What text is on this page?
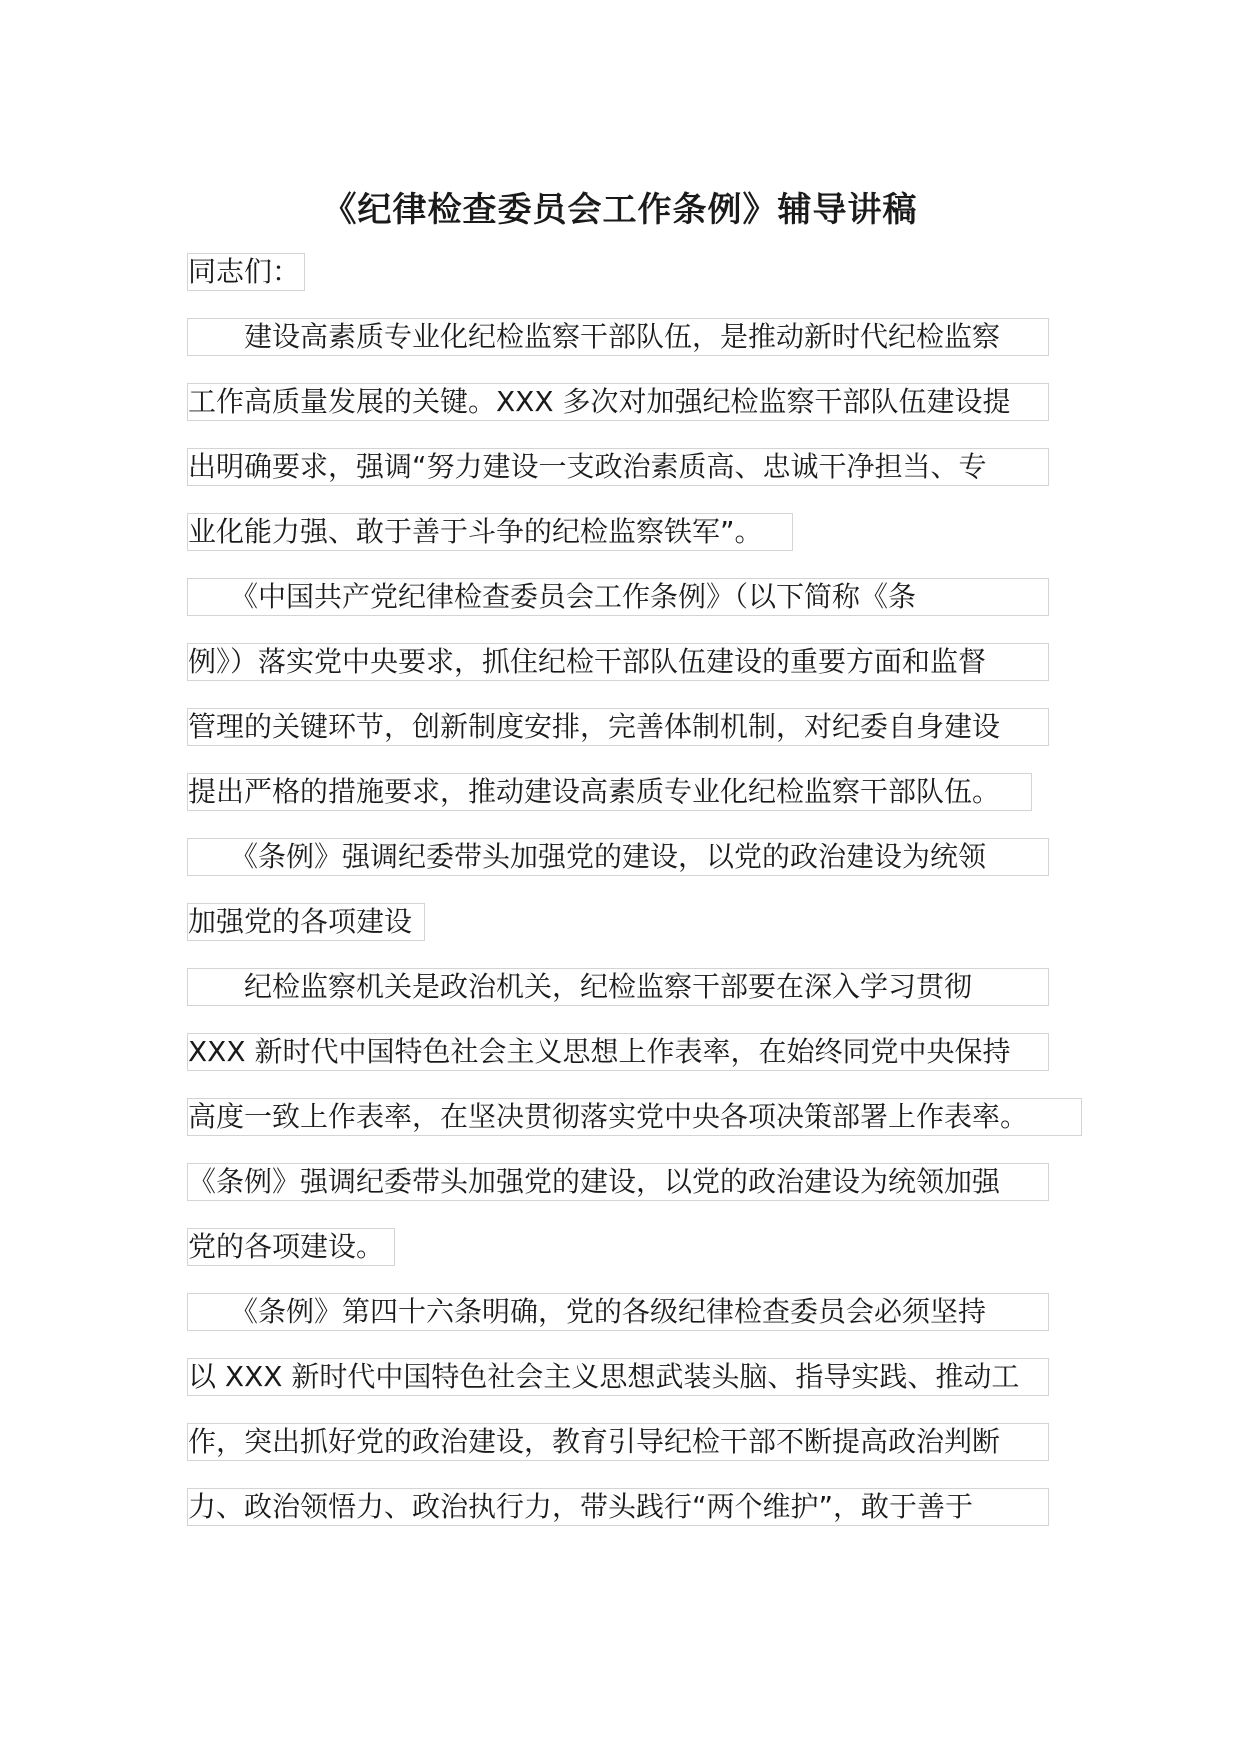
《纪律检查委员会工作条例》辅导讲稿
同志们：
　　建设高素质专业化纪检监察干部队伍，是推动新时代纪检监察
工作高质量发展的关键。XXX 多次对加强纪检监察干部队伍建设提
出明确要求，强调“努力建设一支政治素质高、忠诚干净担当、专
业化能力强、敢于善于斗争的纪检监察铁军”。
　　《中国共产党纪律检查委员会工作条例》（以下简称《条
例》）落实党中央要求，抓住纪检干部队伍建设的重要方面和监督
管理的关键环节，创新制度安排，完善体制机制，对纪委自身建设
提出严格的措施要求，推动建设高素质专业化纪检监察干部队伍。
　　《条例》强调纪委带头加强党的建设，以党的政治建设为统领
加强党的各项建设
　　纪检监察机关是政治机关，纪检监察干部要在深入学习贯彻
XXX 新时代中国特色社会主义思想上作表率，在始终同党中央保持
高度一致上作表率，在坚决贯彻落实党中央各项决策部署上作表率。
《条例》强调纪委带头加强党的建设，以党的政治建设为统领加强
党的各项建设。
　　《条例》第四十六条明确，党的各级纪律检查委员会必须坚持
以 XXX 新时代中国特色社会主义思想武装头脑、指导实践、推动工
作，突出抓好党的政治建设，教育引导纪检干部不断提高政治判断
力、政治领悟力、政治执行力，带头践行“两个维护”，敢于善于
